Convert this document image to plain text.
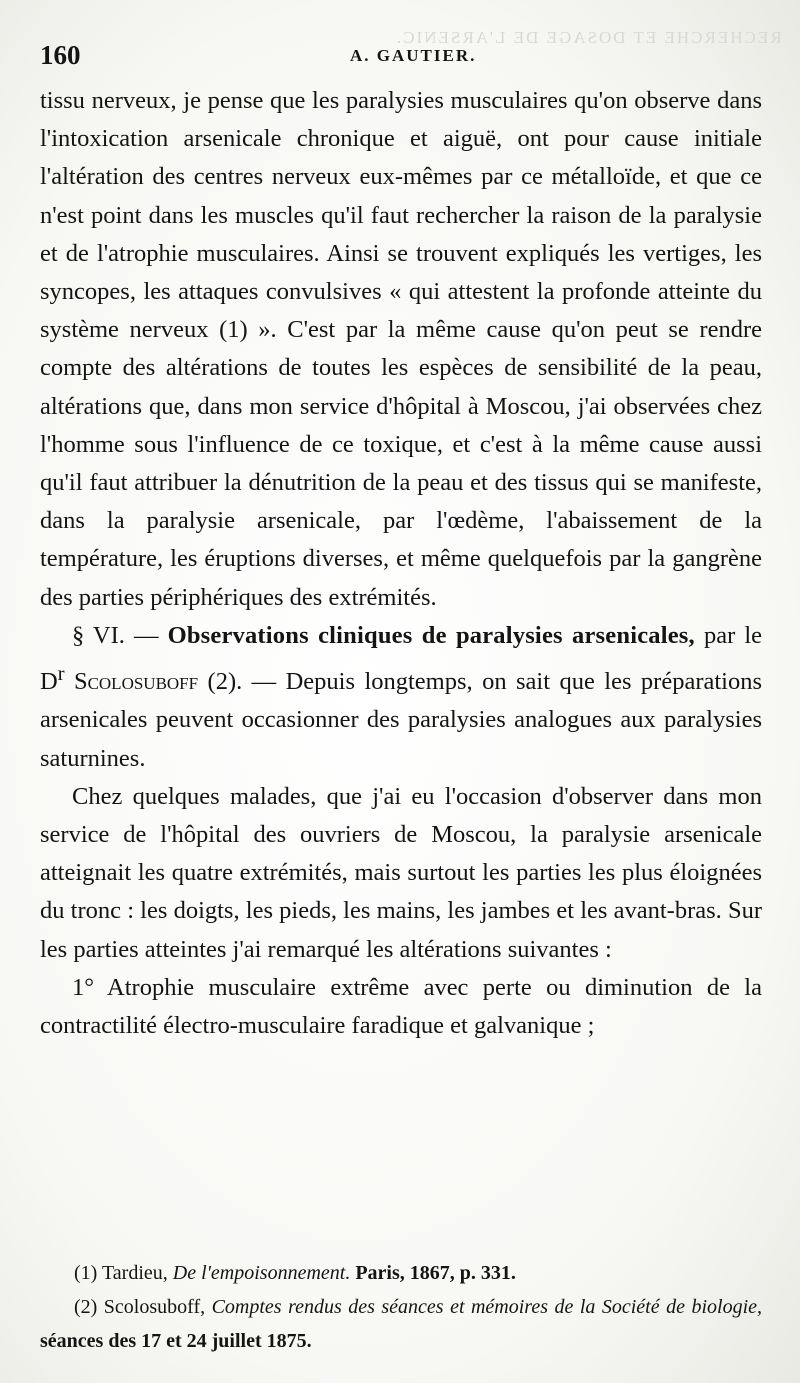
RECHERCHE ET DOSAGE DE L'ARSENIC.
160	A. GAUTIER.

tissu nerveux, je pense que les paralysies musculaires qu'on observe dans l'intoxication arsenicale chronique et aiguë, ont pour cause initiale l'altération des centres nerveux eux-mêmes par ce métalloïde, et que ce n'est point dans les muscles qu'il faut rechercher la raison de la paralysie et de l'atrophie musculaires. Ainsi se trouvent expliqués les vertiges, les syncopes, les attaques convulsives « qui attestent la profonde atteinte du système nerveux (1) ». C'est par la même cause qu'on peut se rendre compte des altérations de toutes les espèces de sensibilité de la peau, altérations que, dans mon service d'hôpital à Moscou, j'ai observées chez l'homme sous l'influence de ce toxique, et c'est à la même cause aussi qu'il faut attribuer la dénutrition de la peau et des tissus qui se manifeste, dans la paralysie arsenicale, par l'œdème, l'abaissement de la température, les éruptions diverses, et même quelquefois par la gangrène des parties périphériques des extrémités.

§ VI. — Observations cliniques de paralysies arsenicales, par le $D^r$ Scolosuboff (2). — Depuis longtemps, on sait que les préparations arsenicales peuvent occasionner des paralysies analogues aux paralysies saturnines.

Chez quelques malades, que j'ai eu l'occasion d'observer dans mon service de l'hôpital des ouvriers de Moscou, la paralysie arsenicale atteignait les quatre extrémités, mais surtout les parties les plus éloignées du tronc : les doigts, les pieds, les mains, les jambes et les avant-bras. Sur les parties atteintes j'ai remarqué les altérations suivantes :

1° Atrophie musculaire extrême avec perte ou diminution de la contractilité électro-musculaire faradique et galvanique ;

(1) Tardieu, De l'empoisonnement. Paris, 1867, p. 331.

(2) Scolosuboff, Comptes rendus des séances et mémoires de la Société de biologie, séances des 17 et 24 juillet 1875.
